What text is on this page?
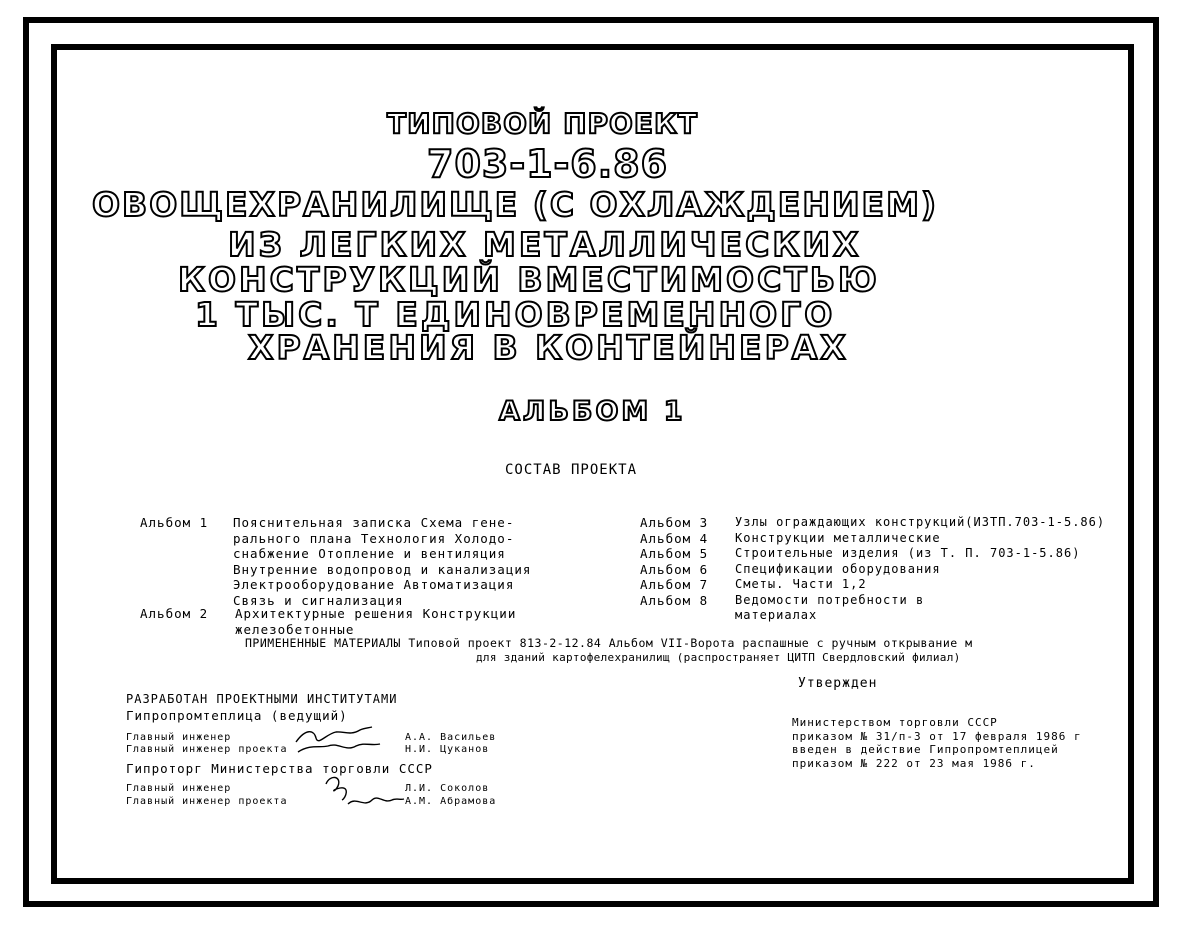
ТИПОВОЙ ПРОЕКТ
703-1-6.86
ОВОЩЕХРАНИЛИЩЕ (С ОХЛАЖДЕНИЕМ)
ИЗ ЛЕГКИХ МЕТАЛЛИЧЕСКИХ
КОНСТРУКЦИЙ ВМЕСТИМОСТЬЮ
1 ТЫС. Т ЕДИНОВРЕМЕННОГО
ХРАНЕНИЯ В КОНТЕЙНЕРАХ
АЛЬБОМ 1
СОСТАВ ПРОЕКТА
Альбом 1 Пояснительная записка Схема гене-
рального плана Технология Холодо-
снабжение Отопление и вентиляция
Внутренние водопровод и канализация
Электрооборудование Автоматизация
Связь и сигнализация
Альбом 2 Архитектурные решения Конструкции
железобетонные
Альбом 3
Альбом 4
Альбом 5
Альбом 6
Альбом 7
Альбом 8
Узлы ограждающих конструкций(ИЗТП.703-1-5.86)
Конструкции металлические
Строительные изделия (из Т. П. 703-1-5.86)
Спецификации оборудования
Сметы. Части 1,2
Ведомости потребности в
материалах
ПРИМЕНЕННЫЕ МАТЕРИАЛЫ Типовой проект 813-2-12.84 Альбом VII-Ворота распашные с ручным открывание м
для зданий картофелехранилищ (распространяет ЦИТП Свердловский филиал)
РАЗРАБОТАН ПРОЕКТНЫМИ ИНСТИТУТАМИ
Гипропромтеплица (ведущий)
Главный инженер
Главный инженер проекта
А.А. Васильев
Н.И. Цуканов
Гипроторг Министерства торговли СССР
Главный инженер
Главный инженер проекта
Л.И. Соколов
А.М. Абрамова
Утвержден
Министерством торговли СССР
приказом № 31/п-3 от 17 февраля 1986 г
введен в действие Гипропромтеплицей
приказом № 222 от 23 мая 1986 г.
